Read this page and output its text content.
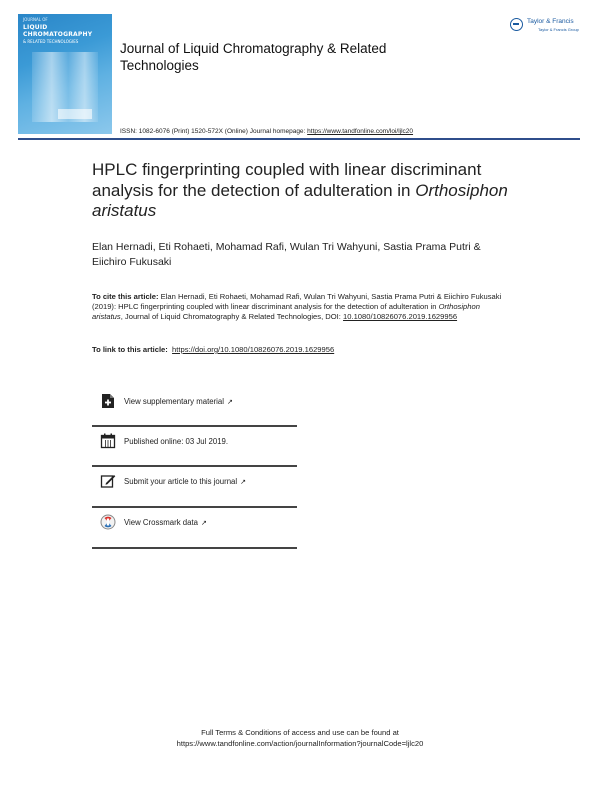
JOURNAL OF
LIQUID
CHROMATOGRAPHY
& RELATED TECHNOLOGIES	Journal of Liquid Chromatography & Related Technologies
Taylor & Francis
Taylor & Francis Group
ISSN: 1082-6076 (Print) 1520-572X (Online) Journal homepage: https://www.tandfonline.com/loi/ljlc20
HPLC fingerprinting coupled with linear discriminant analysis for the detection of adulteration in Orthosiphon aristatus
Elan Hernadi, Eti Rohaeti, Mohamad Rafi, Wulan Tri Wahyuni, Sastia Prama Putri & Eiichiro Fukusaki
To cite this article: Elan Hernadi, Eti Rohaeti, Mohamad Rafi, Wulan Tri Wahyuni, Sastia Prama Putri & Eiichiro Fukusaki (2019): HPLC fingerprinting coupled with linear discriminant analysis for the detection of adulteration in Orthosiphon aristatus, Journal of Liquid Chromatography & Related Technologies, DOI: 10.1080/10826076.2019.1629956
To link to this article: https://doi.org/10.1080/10826076.2019.1629956
View supplementary material ↗
Published online: 03 Jul 2019.
Submit your article to this journal ↗
View Crossmark data ↗
Full Terms & Conditions of access and use can be found at
https://www.tandfonline.com/action/journalInformation?journalCode=ljlc20
